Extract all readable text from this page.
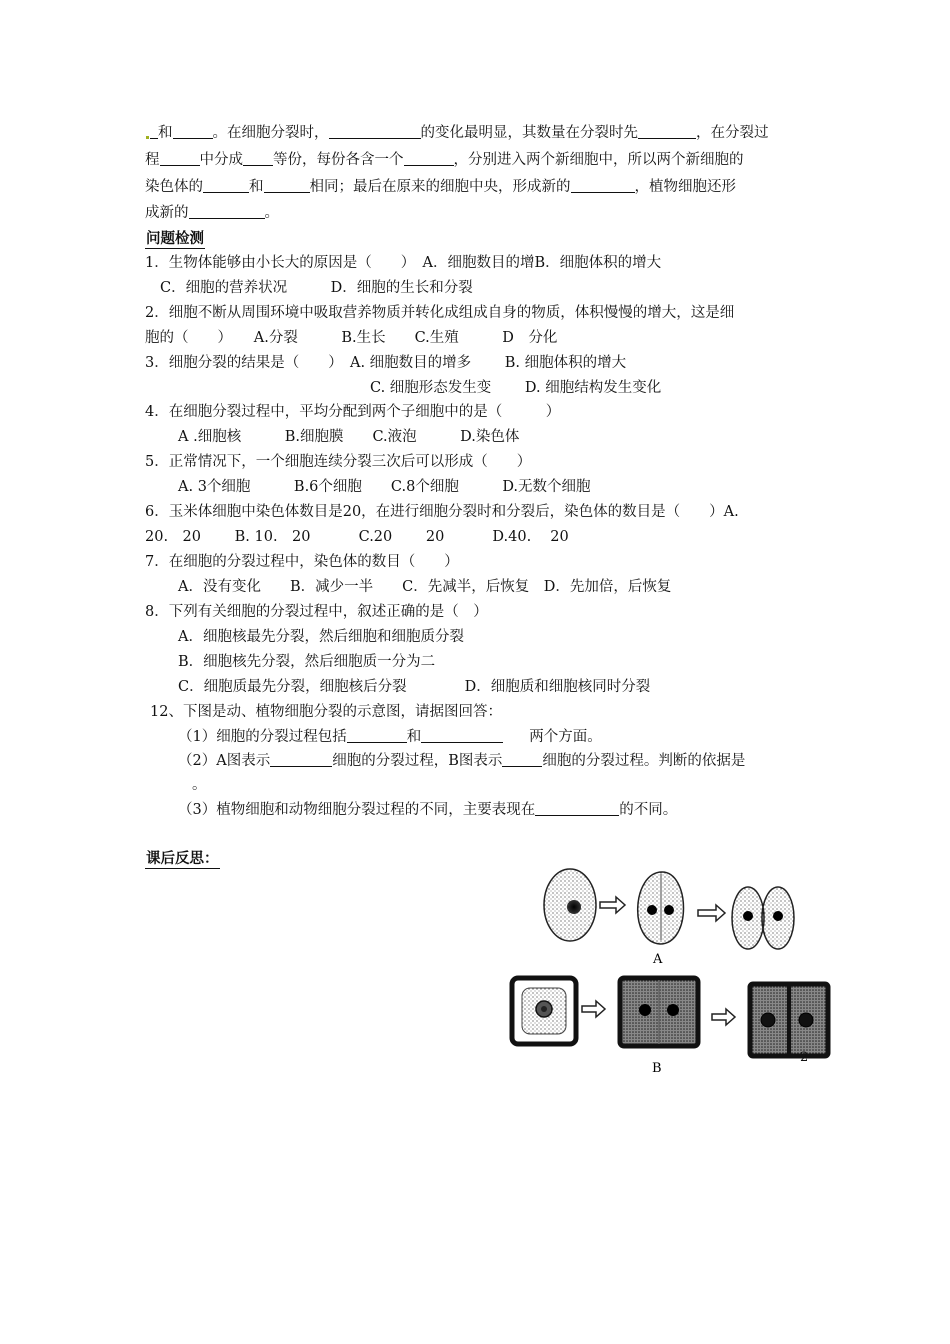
和	。在细胞分裂时，	的变化最明显，其数量在分裂时先	，在分裂过
程	中分成 等份，每份各含一个	，分别进入两个新细胞中，所以两个新细胞的
染色体的	和	相同；最后在原来的细胞中央，形成新的	，植物细胞还形
成新的	。
问题检测
1．生物体能够由小长大的原因是（　　）　A．细胞数目的增B．细胞体积的增大
C．细胞的营养状况　　　D．细胞的生长和分裂
2．细胞不断从周围环境中吸取营养物质并转化成组成自身的物质，体积慢慢的增大，这是细
胞的（　　）　　A.分裂　　　B.生长　　C.生殖　　　D　分化
3．细胞分裂的结果是（　　）　A. 细胞数目的增多　　 B. 细胞体积的增大
C. 细胞形态发生变　　 D. 细胞结构发生变化
4．在细胞分裂过程中，平均分配到两个子细胞中的是（　　　）
A .细胞核　　　B.细胞膜　　C.液泡　　　D.染色体
5．正常情况下，一个细胞连续分裂三次后可以形成（　　）
A. 3个细胞　　　B.6个细胞　　C.8个细胞　　　D.无数个细胞
6．玉米体细胞中染色体数目是20，在进行细胞分裂时和分裂后，染色体的数目是（　　）A.
20.　20　　 B. 10.　20　　　 C.20　　 20　　　 D.40.　 20
7．在细胞的分裂过程中，染色体的数目（　　）
A．没有变化　　B．减少一半　　C．先减半，后恢复　D．先加倍，后恢复
8．下列有关细胞的分裂过程中，叙述正确的是（　）
A．细胞核最先分裂，然后细胞和细胞质分裂
B．细胞核先分裂，然后细胞质一分为二
C．细胞质最先分裂，细胞核后分裂　　　　D．细胞质和细胞核同时分裂
12、下图是动、植物细胞分裂的示意图，请据图回答：
（1）细胞的分裂过程包括	和	两个方面。
（2）A图表示	细胞的分裂过程，B图表示	细胞的分裂过程。判断的依据是
。
（3）植物细胞和动物细胞分裂过程的不同，主要表现在	的不同。
课后反思：
A
B
2
